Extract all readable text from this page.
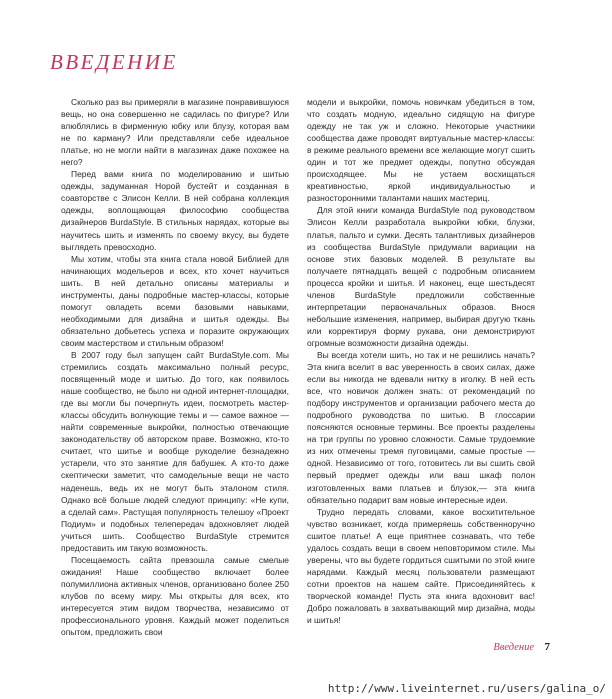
ВВЕДЕНИЕ

Сколько раз вы примеряли в магазине понравившуюся вещь, но она совершенно не садилась по фигуре? Или влюблялись в фирменную юбку или блузу, которая вам не по карману? Или представляли себе идеальное платье, но не могли найти в магазинах даже похожее на него?

Перед вами книга по моделированию и шитью одежды, задуманная Норой бустейт и созданная в соавторстве с Элисон Келли. В ней собрана коллекция одежды, воплощающая философию сообщества дизайнеров BurdaStyle. В стильных нарядах, которые вы научитесь шить и изменять по своему вкусу, вы будете выглядеть превосходно.

Мы хотим, чтобы эта книга стала новой Библией для начинающих модельеров и всех, кто хочет научиться шить. В ней детально описаны материалы и инструменты, даны подробные мастер-классы, которые помогут овладеть всеми базовыми навыками, необходимыми для дизайна и шитья одежды. Вы обязательно добьетесь успеха и поразите окружающих своим мастерством и стильным образом!

В 2007 году был запущен сайт BurdaStyle.com. Мы стремились создать максимально полный ресурс, посвященный моде и шитью. До того, как появилось наше сообщество, не было ни одной интернет-площадки, где вы могли бы почерпнуть идеи, посмотреть мастер-классы обсудить волнующие темы и — самое важное — найти современные выкройки, полностью отвечающие законодательству об авторском праве. Возможно, кто-то считает, что шитье и вообще рукоделие безнадежно устарели, что это занятие для бабушек. А кто-то даже скептически заметит, что самодельные вещи не часто наденешь, ведь их не могут быть эталоном стиля. Однако всё больше людей следуют принципу: «Не купи, а сделай сам». Растущая популярность телешоу «Проект Подиум» и подобных телепередач вдохновляет людей учиться шить. Сообщество BurdaStyle стремится предоставить им такую возможность.

Посещаемость сайта превзошла самые смелые ожидания! Наше сообщество включает более полумиллиона активных членов, организовано более 250 клубов по всему миру. Мы открыты для всех, кто интересуется этим видом творчества, независимо от профессионального уровня. Каждый может поделиться опытом, предложить свои

модели и выкройки, помочь новичкам убедиться в том, что создать модную, идеально сидящую на фигуре одежду не так уж и сложно. Некоторые участники сообщества даже проводят виртуальные мастер-классы: в режиме реального времени все желающие могут сшить один и тот же предмет одежды, попутно обсуждая происходящее. Мы не устаем восхищаться креативностью, яркой индивидуальностью и разносторонними талантами наших мастериц.

Для этой книги команда BurdaStyle под руководством Элисон Келли разработала выкройки юбки, блузки, платья, пальто и сумки. Десять талантливых дизайнеров из сообщества BurdaStyle придумали вариации на основе этих базовых моделей. В результате вы получаете пятнадцать вещей с подробным описанием процесса кройки и шитья. И наконец, еще шестьдесят членов BurdaStyle предложили собственные интерпретации первоначальных образов. Внося небольшие изменения, например, выбирая другую ткань или корректируя форму рукава, они демонстрируют огромные возможности дизайна одежды.

Вы всегда хотели шить, но так и не решились начать? Эта книга вселит в вас уверенность в своих силах, даже если вы никогда не вдевали нитку в иголку. В ней есть все, что новичок должен знать: от рекомендаций по подбору инструментов и организации рабочего места до подробного руководства по шитью. В глоссарии поясняются основные термины. Все проекты разделены на три группы по уровню сложности. Самые трудоемкие из них отмечены тремя пуговицами, самые простые — одной. Независимо от того, готовитесь ли вы сшить свой первый предмет одежды или ваш шкаф полон изготовленных вами платьев и блузок,— эта книга обязательно подарит вам новые интересные идеи.

Трудно передать словами, какое восхитительное чувство возникает, когда примеряешь собственноручно сшитое платье! А еще приятнее сознавать, что тебе удалось создать вещи в своем неповторимом стиле. Мы уверены, что вы будете гордиться сшитыми по этой книге нарядами. Каждый месяц пользователи размещают сотни проектов на нашем сайте. Присоединяйтесь к творческой команде! Пусть эта книга вдохновит вас! Добро пожаловать в захватывающий мир дизайна, моды и шитья!

Введение 7
http://www.liveinternet.ru/users/galina_o/
